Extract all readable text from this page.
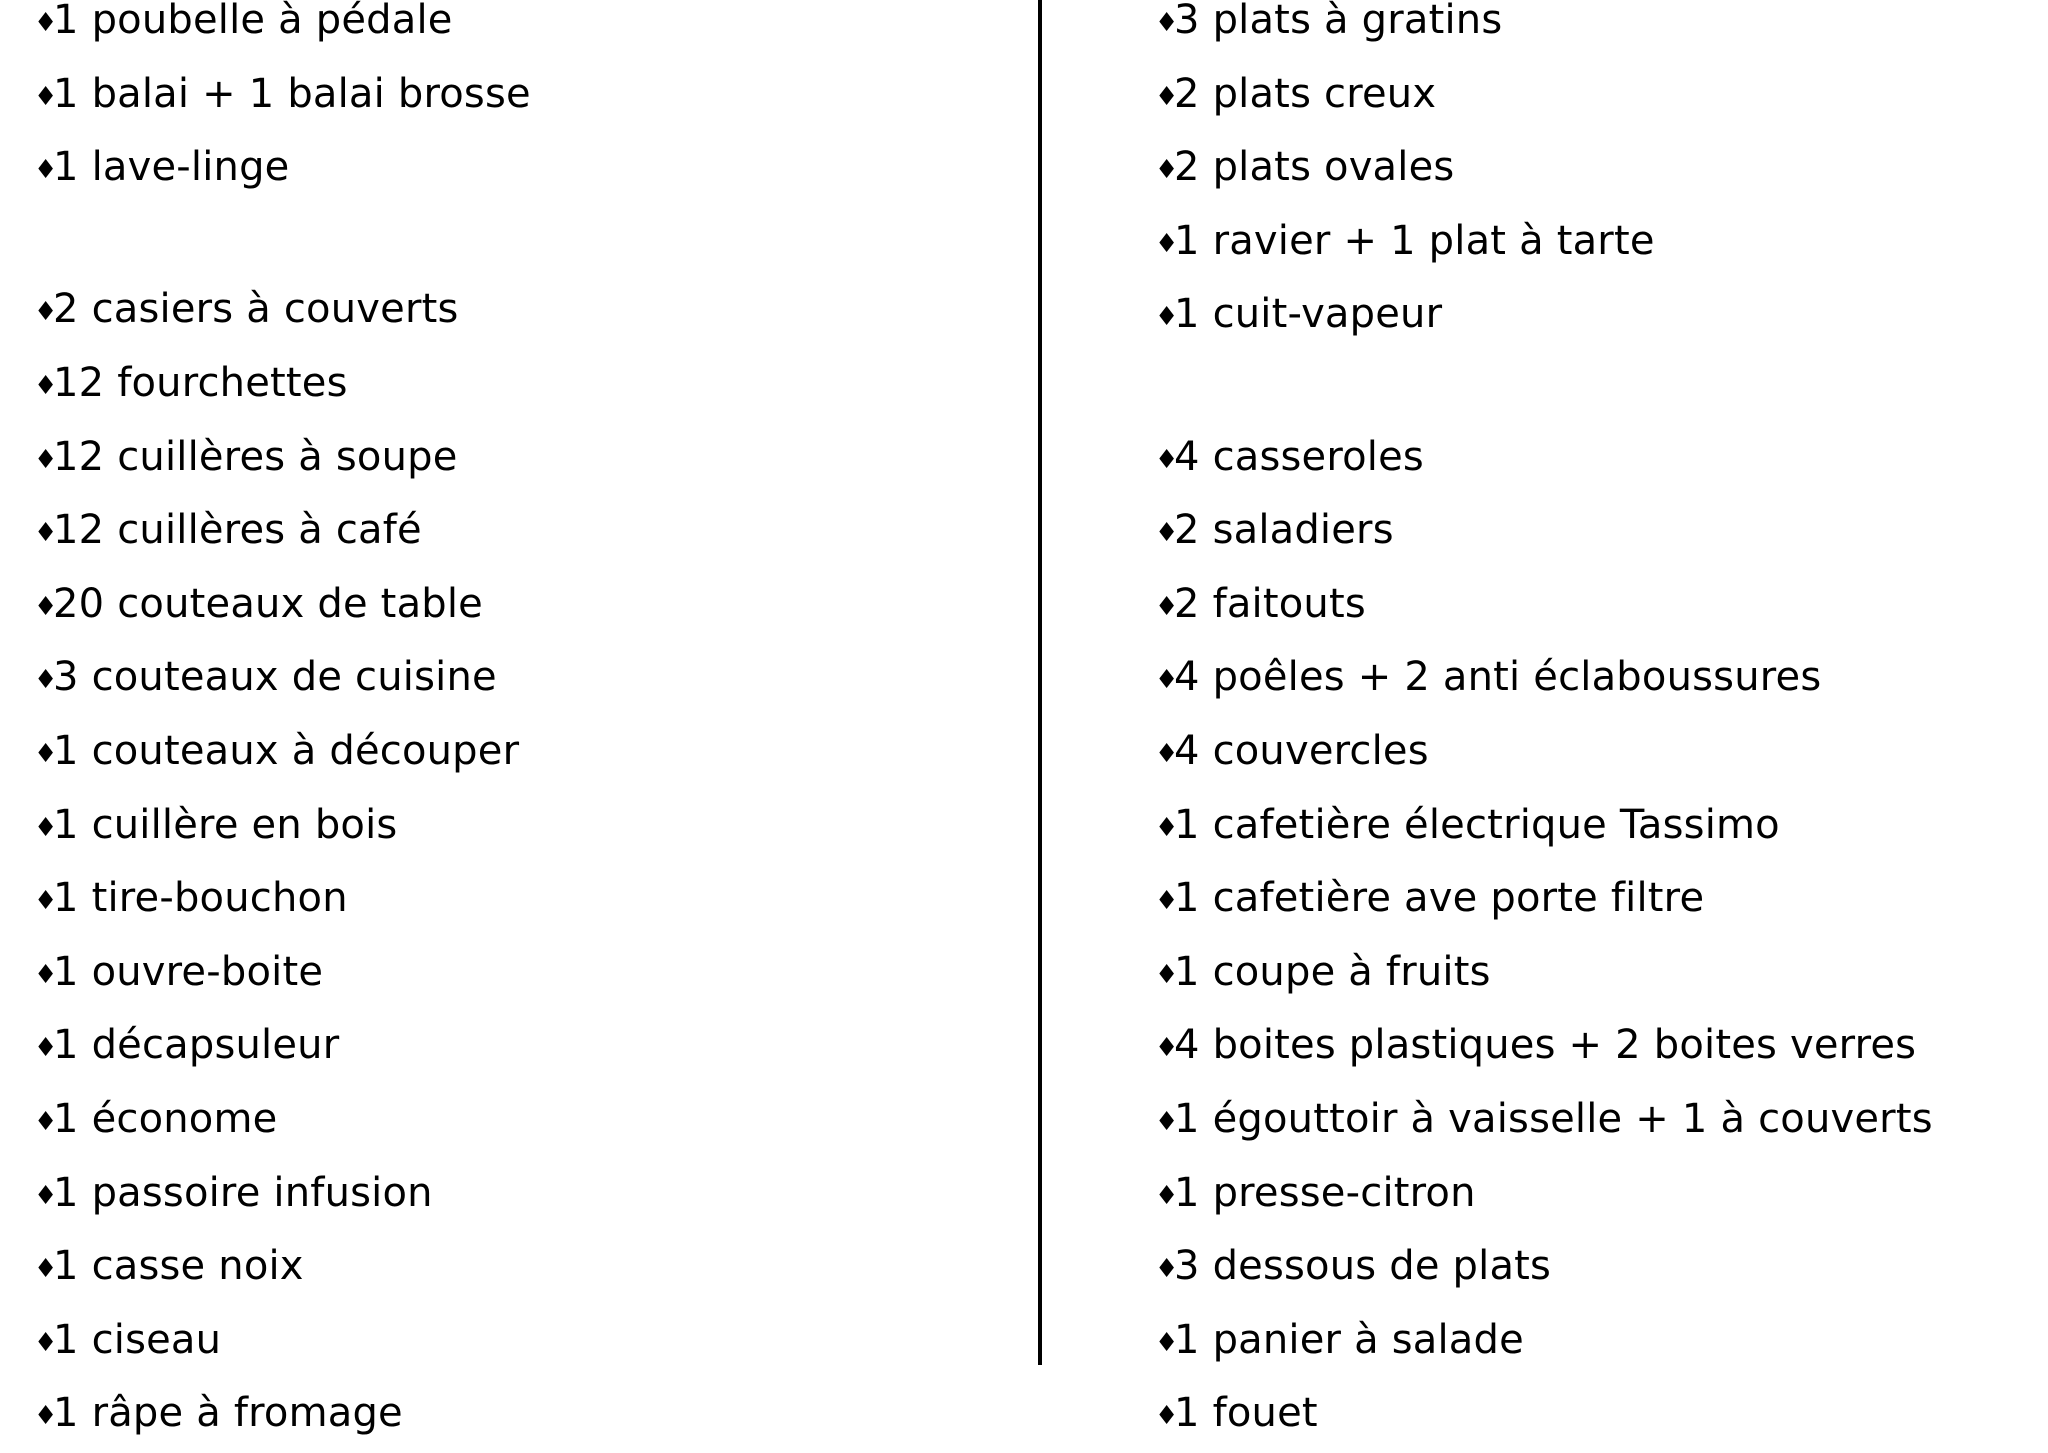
♦
1 poubelle à pédale
♦
1 balai + 1 balai brosse
♦
1 lave-linge
♦
2 casiers à couverts
♦
12 fourchettes
♦
12 cuillères à soupe
♦
12 cuillères à café
♦
20 couteaux de table
♦
3 couteaux de cuisine
♦
1 couteaux à découper
♦
1 cuillère en bois
♦
1 tire-bouchon
♦
1 ouvre-boite
♦
1 décapsuleur
♦
1 économe
♦
1 passoire infusion
♦
1 casse noix
♦
1 ciseau
♦
1 râpe à fromage
♦
3 plats à gratins
♦
2 plats creux
♦
2 plats ovales
♦
1 ravier + 1 plat à tarte
♦
1 cuit-vapeur
♦
4 casseroles
♦
2 saladiers
♦
2 faitouts
♦
4 poêles + 2 anti éclaboussures
♦
4 couvercles
♦
1 cafetière électrique Tassimo
♦
1 cafetière ave porte filtre
♦
1 coupe à fruits
♦
4 boites plastiques + 2 boites verres
♦
1 égouttoir à vaisselle + 1 à couverts
♦
1 presse-citron
♦
3 dessous de plats
♦
1 panier à salade
♦
1 fouet
